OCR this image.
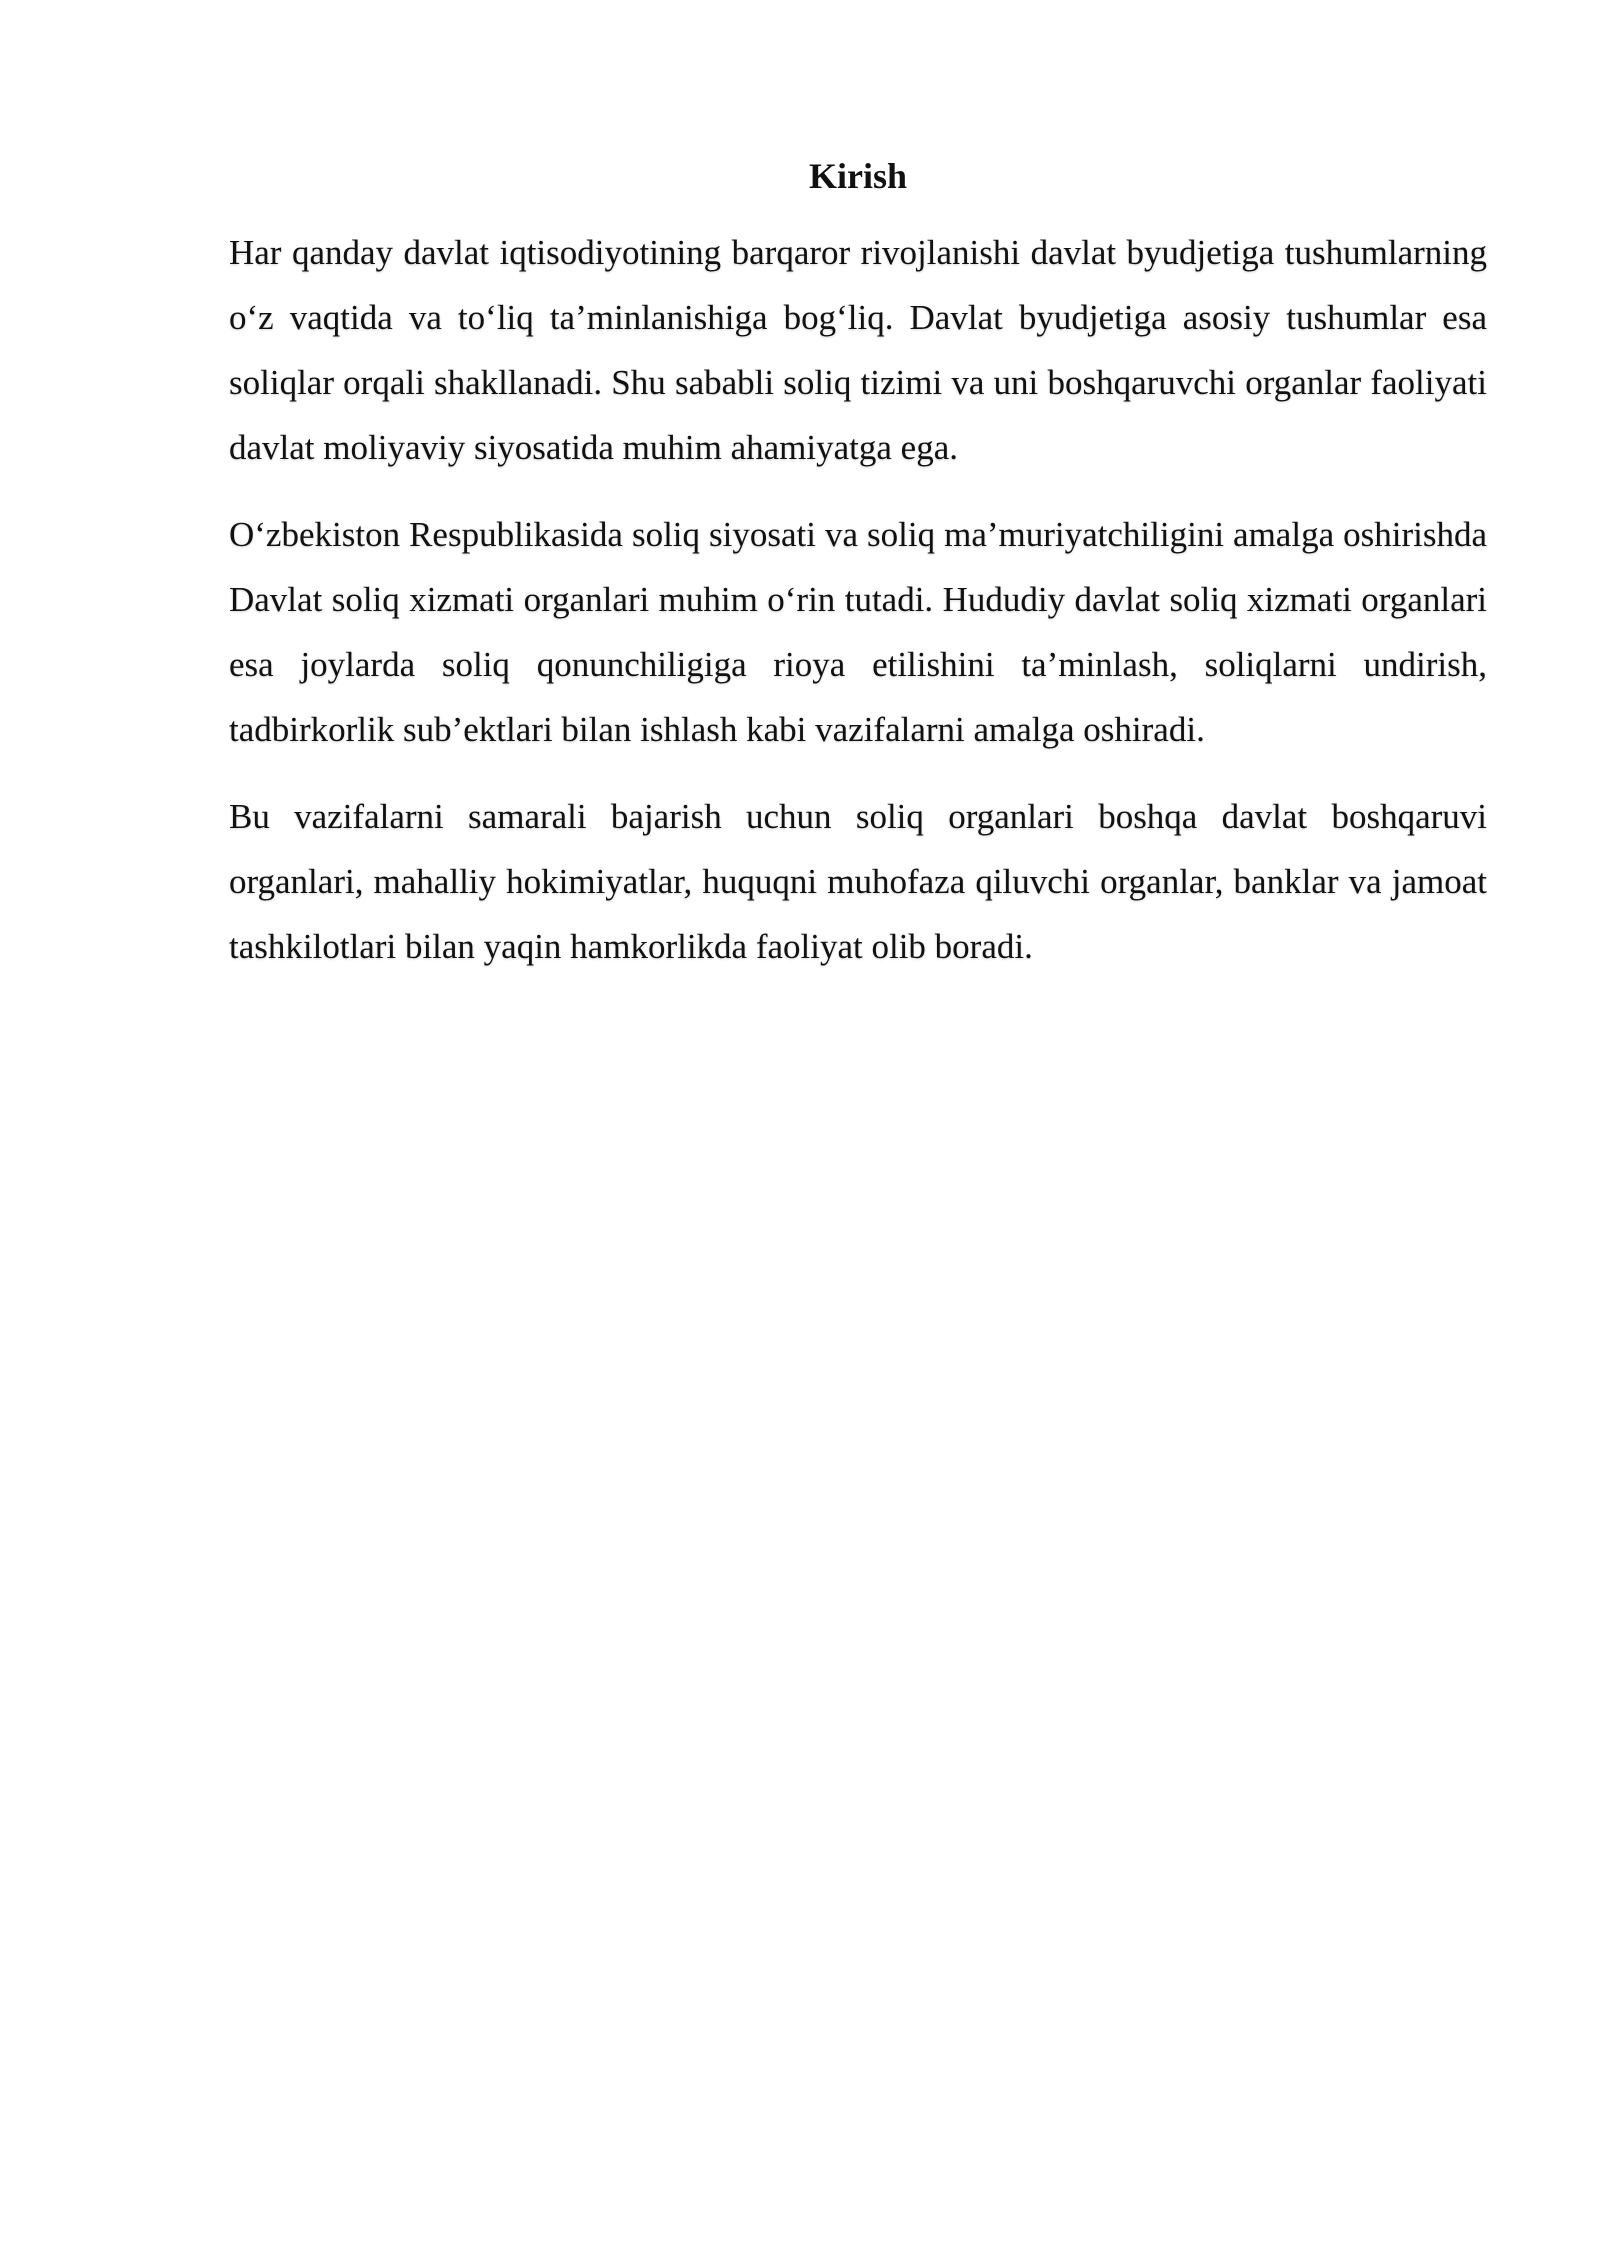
Kirish

Har qanday davlat iqtisodiyotining barqaror rivojlanishi davlat byudjetiga tushumlarning o‘z vaqtida va to‘liq ta’minlanishiga bog‘liq. Davlat byudjetiga asosiy tushumlar esa soliqlar orqali shakllanadi. Shu sababli soliq tizimi va uni boshqaruvchi organlar faoliyati davlat moliyaviy siyosatida muhim ahamiyatga ega.

O‘zbekiston Respublikasida soliq siyosati va soliq ma’muriyatchiligini amalga oshirishda Davlat soliq xizmati organlari muhim o‘rin tutadi. Hududiy davlat soliq xizmati organlari esa joylarda soliq qonunchiligiga rioya etilishini ta’minlash, soliqlarni undirish, tadbirkorlik sub’ektlari bilan ishlash kabi vazifalarni amalga oshiradi.

Bu vazifalarni samarali bajarish uchun soliq organlari boshqa davlat boshqaruvi organlari, mahalliy hokimiyatlar, huquqni muhofaza qiluvchi organlar, banklar va jamoat tashkilotlari bilan yaqin hamkorlikda faoliyat olib boradi.
